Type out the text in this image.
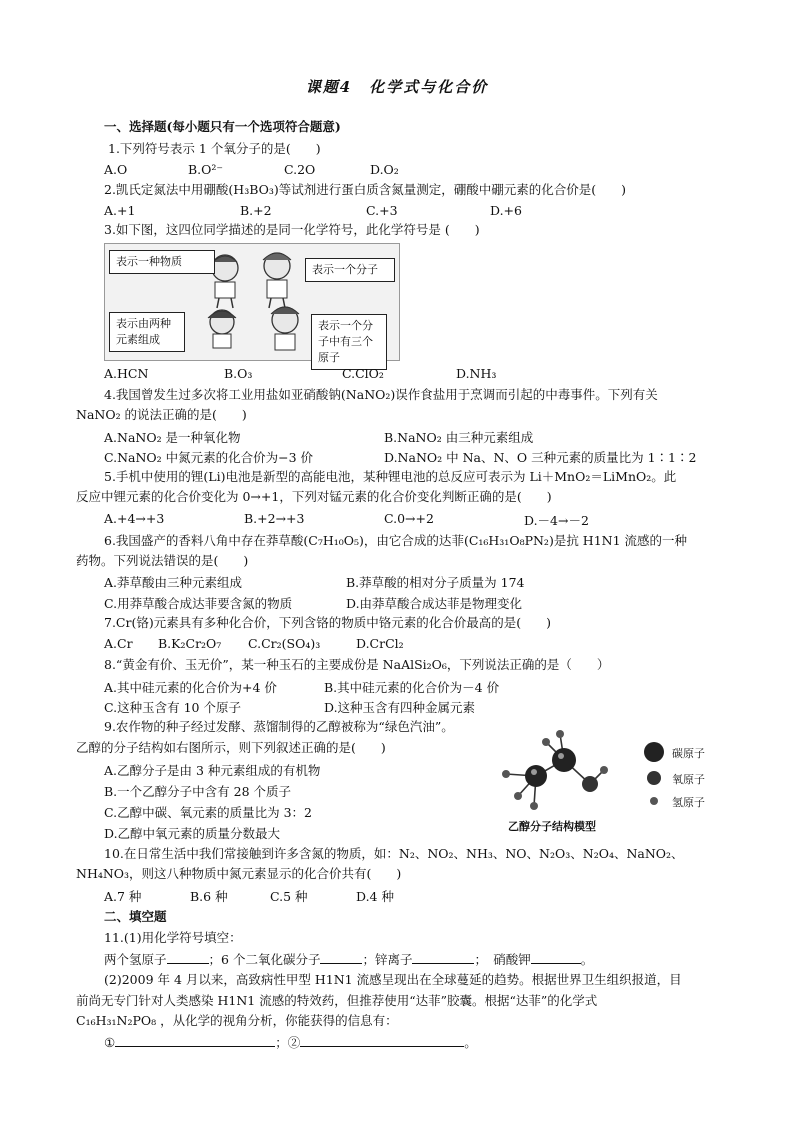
课题4　化学式与化合价
一、选择题(每小题只有一个选项符合题意)
1.下列符号表示 1 个氧分子的是(　　)
A.O	B.O²⁻	C.2O	D.O₂
2.凯氏定氮法中用硼酸(H₃BO₃)等试剂进行蛋白质含氮量测定，硼酸中硼元素的化合价是(　　)
A.+1	B.+2	C.+3	D.+6
3.如下图，这四位同学描述的是同一化学符号，此化学符号是 (　　)
表示一种物质
表示一个分子
表示由两种元素组成
表示一个分子中有三个原子
A.HCN	B.O₃	C.ClO₂	D.NH₃
4.我国曾发生过多次将工业用盐如亚硝酸钠(NaNO₂)误作食盐用于烹调而引起的中毒事件。下列有关
NaNO₂ 的说法正确的是(　　)
A.NaNO₂ 是一种氧化物	B.NaNO₂ 由三种元素组成
C.NaNO₂ 中氮元素的化合价为−3 价	D.NaNO₂ 中 Na、N、O 三种元素的质量比为 1∶1∶2
5.手机中使用的锂(Li)电池是新型的高能电池，某种锂电池的总反应可表示为 Li＋MnO₂＝LiMnO₂。此
反应中锂元素的化合价变化为 0→+1，下列对锰元素的化合价变化判断正确的是(　　)
A.+4→+3	B.+2→+3	C.0→+2	D.－4→－2
6.我国盛产的香料八角中存在莽草酸(C₇H₁₀O₅)，由它合成的达菲(C₁₆H₃₁O₈PN₂)是抗 H1N1 流感的一种
药物。下列说法错误的是(　　)
A.莽草酸由三种元素组成	B.莽草酸的相对分子质量为 174
C.用莽草酸合成达菲要含氮的物质	D.由莽草酸合成达菲是物理变化
7.Cr(铬)元素具有多种化合价，下列含铬的物质中铬元素的化合价最高的是(　　)
A.Cr B.K₂Cr₂O₇ C.Cr₂(SO₄)₃	D.CrCl₂
8.“黄金有价、玉无价”，某一种玉石的主要成份是 NaAlSi₂O₆，下列说法正确的是（　　）
A.其中硅元素的化合价为+4 价	B.其中硅元素的化合价为－4 价
C.这种玉含有 10 个原子	D.这种玉含有四种金属元素
9.农作物的种子经过发酵、蒸馏制得的乙醇被称为“绿色汽油”。
乙醇的分子结构如右图所示，则下列叙述正确的是(　　)
A.乙醇分子是由 3 种元素组成的有机物
B.一个乙醇分子中含有 28 个质子
C.乙醇中碳、氧元素的质量比为 3：2
D.乙醇中氧元素的质量分数最大
碳原子
氧原子
氢原子
乙醇分子结构模型
10.在日常生活中我们常接触到许多含氮的物质，如：N₂、NO₂、NH₃、NO、N₂O₃、N₂O₄、NaNO₂、
NH₄NO₃，则这八种物质中氮元素显示的化合价共有(　　)
A.7 种	B.6 种	C.5 种	D.4 种
二、填空题
11.(1)用化学符号填空：
两个氢原子	；6 个二氧化碳分子	；锌离子	；　硝酸钾	。
(2)2009 年 4 月以来，高致病性甲型 H1N1 流感呈现出在全球蔓延的趋势。根据世界卫生组织报道，目
前尚无专门针对人类感染 H1N1 流感的特效药，但推荐使用“达菲”胶囊。根据“达菲”的化学式
C₁₆H₃₁N₂PO₈ ，从化学的视角分析，你能获得的信息有：
①	；②	。
